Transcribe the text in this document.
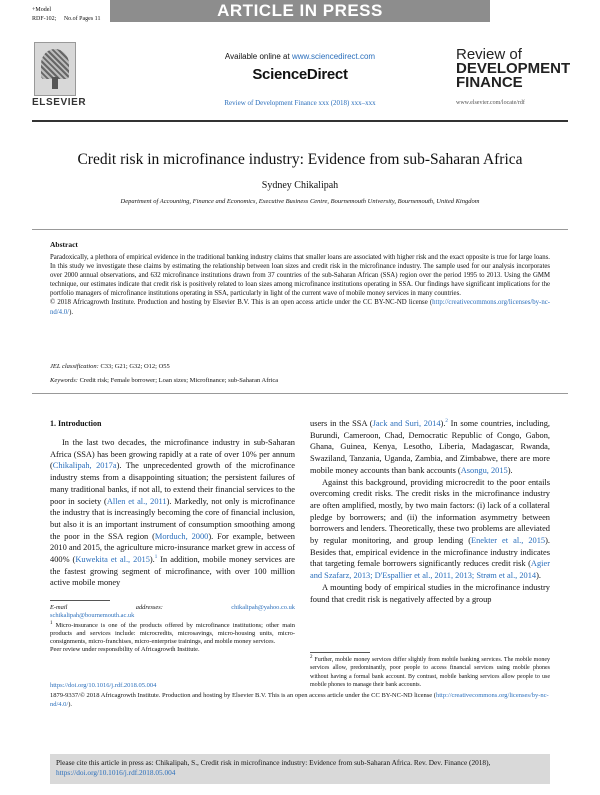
+Model
RDF-102; No.of Pages 11	ARTICLE IN PRESS
ELSEVIER
Available online at www.sciencedirect.com
ScienceDirect
Review of Development Finance xxx (2018) xxx–xxx
Review of
DEVELOPMENT
FINANCE
www.elsevier.com/locate/rdf
Credit risk in microfinance industry: Evidence from sub-Saharan Africa
Sydney Chikalipah
Department of Accounting, Finance and Economics, Executive Business Centre, Bournemouth University, Bournemouth, United Kingdom
Abstract
Paradoxically, a plethora of empirical evidence in the traditional banking industry claims that smaller loans are associated with higher risk and the exact opposite is true for large loans. In this study we investigate these claims by estimating the relationship between loan sizes and credit risk in the microfinance industry. The sample used for our analysis incorporates over 2000 annual observations, and 632 microfinance institutions drawn from 37 countries of the sub-Saharan African (SSA) region over the period 1995 to 2013. Using the GMM technique, our estimates indicate that credit risk is positively related to loan sizes among microfinance institutions operating in SSA. Our findings have significant implications for the portfolio managers of microfinance institutions operating in SSA, particularly in light of the current wave of mobile money services in many countries.
© 2018 Africagrowth Institute. Production and hosting by Elsevier B.V. This is an open access article under the CC BY-NC-ND license (http://creativecommons.org/licenses/by-nc-nd/4.0/).
JEL classification: C33; G21; G32; O12; O55
Keywords: Credit risk; Female borrower; Loan sizes; Microfinance; sub-Saharan Africa
1. Introduction
In the last two decades, the microfinance industry in sub-Saharan Africa (SSA) has been growing rapidly at a rate of over 10% per annum (Chikalipah, 2017a). The unprecedented growth of the microfinance industry stems from a disappointing situation; the persistent failures of many traditional banks, if not all, to extend their financial services to the poor in society (Allen et al., 2011). Markedly, not only is microfinance the industry that is increasingly becoming the core of financial inclusion, but also it is an important instrument of consumption smoothing among the poor in the SSA region (Morduch, 2000). For example, between 2010 and 2015, the agriculture micro-insurance market grew in access of 400% (Kuwekita et al., 2015).$^1$ In addition, mobile money services are the fastest growing segment of microfinance, with over 100 million active mobile money

users in the SSA (Jack and Suri, 2014).$^2$ In some countries, including, Burundi, Cameroon, Chad, Democratic Republic of Congo, Gabon, Ghana, Guinea, Kenya, Lesotho, Liberia, Madagascar, Rwanda, Swaziland, Tanzania, Uganda, Zambia, and Zimbabwe, there are more mobile money accounts than bank accounts (Asongu, 2015).

Against this background, providing microcredit to the poor entails overcoming credit risks. The credit risks in the microfinance industry are often amplified, mostly, by two main factors: (i) lack of a collateral pledge by borrowers; and (ii) the information asymmetry between borrowers and lenders. Theoretically, these two problems are alleviated by regular monitoring, and group lending (Enekter et al., 2015). Besides that, empirical evidence in the microfinance industry indicates that targeting female borrowers significantly reduces credit risk (Agier and Szafarz, 2013; D'Espallier et al., 2011, 2013; Strøm et al., 2014).

A mounting body of empirical studies in the microfinance industry found that credit risk is negatively affected by a group

E-mail	addresses:	chikalipah@yahoo.co.uk
schikalipah@bournemouth.ac.uk
$^1$ Micro-insurance is one of the products offered by microfinance institutions; other main products and services include: microcredits, microsavings, micro-housing units, micro-consignments, micro-franchises, micro-enterprise trainings, and mobile money services.
Peer review under responsibility of Africagrowth Institute.
$^2$ Further, mobile money services differ slightly from mobile banking services. The mobile money services allow, predominantly, poor people to access financial services using mobile phones without having a formal bank account. By contrast, mobile banking services allow people to use mobile phones to manage their bank accounts.
https://doi.org/10.1016/j.rdf.2018.05.004
1879-9337/© 2018 Africagrowth Institute. Production and hosting by Elsevier B.V. This is an open access article under the CC BY-NC-ND license (http://creativecommons.org/licenses/by-nc-nd/4.0/).
Please cite this article in press as: Chikalipah, S., Credit risk in microfinance industry: Evidence from sub-Saharan Africa. Rev. Dev. Finance (2018), https://doi.org/10.1016/j.rdf.2018.05.004
